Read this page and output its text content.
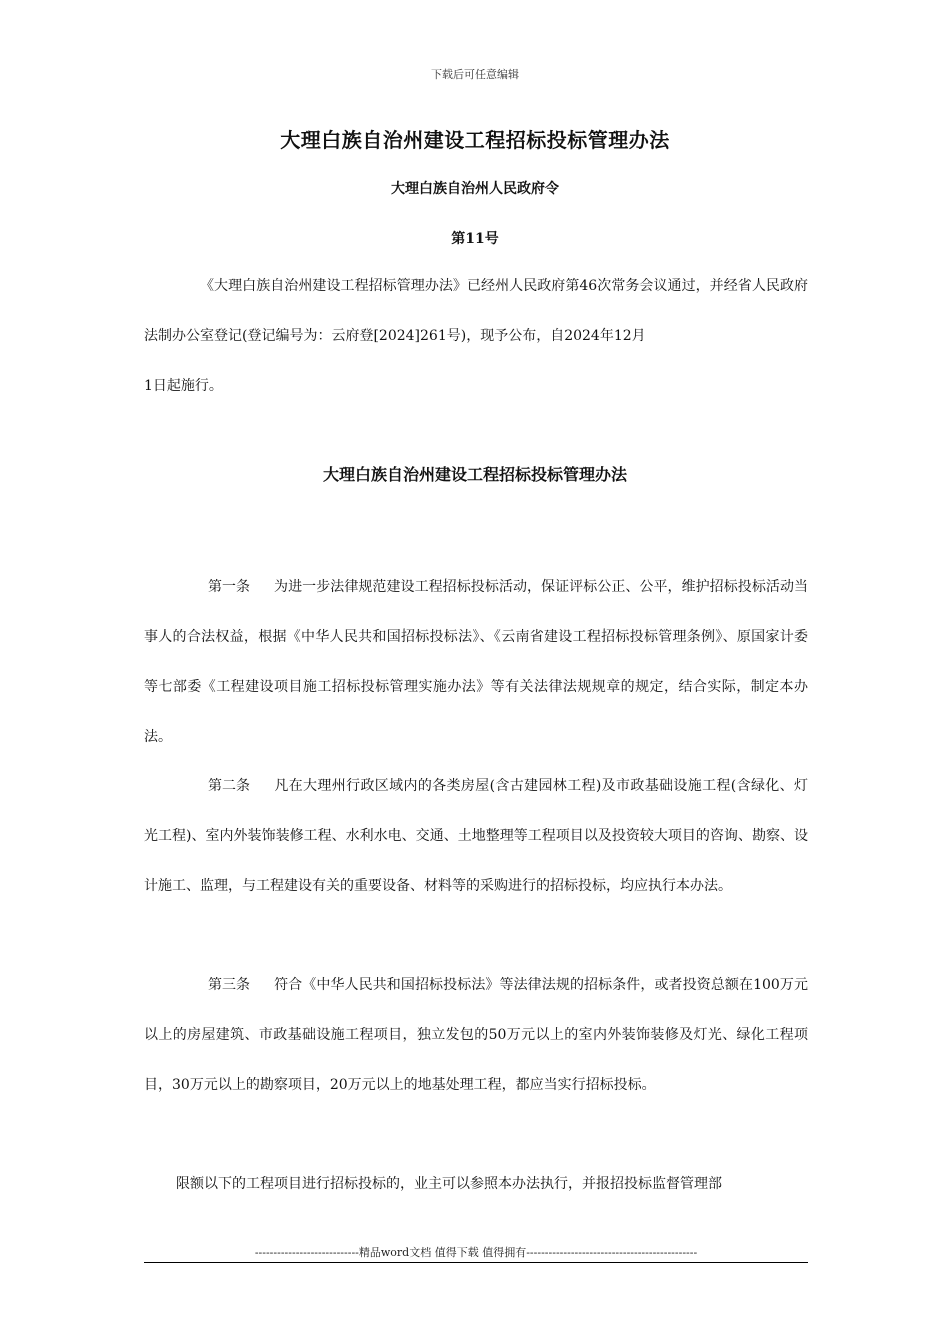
下载后可任意编辑
大理白族自治州建设工程招标投标管理办法
大理白族自治州人民政府令
第11号

《大理白族自治州建设工程招标管理办法》已经州人民政府第46次常务会议通过，并经省人民政府法制办公室登记(登记编号为：云府登[2024]261号)，现予公布，自2024年12月
1日起施行。

大理白族自治州建设工程招标投标管理办法

第一条 为进一步法律规范建设工程招标投标活动，保证评标公正、公平，维护招标投标活动当事人的合法权益，根据《中华人民共和国招标投标法》、《云南省建设工程招标投标管理条例》、原国家计委等七部委《工程建设项目施工招标投标管理实施办法》等有关法律法规规章的规定，结合实际，制定本办法。

第二条 凡在大理州行政区域内的各类房屋(含古建园林工程)及市政基础设施工程(含绿化、灯光工程)、室内外装饰装修工程、水利水电、交通、土地整理等工程项目以及投资较大项目的咨询、勘察、设计施工、监理，与工程建设有关的重要设备、材料等的采购进行的招标投标，均应执行本办法。

第三条 符合《中华人民共和国招标投标法》等法律法规的招标条件，或者投资总额在100万元以上的房屋建筑、市政基础设施工程项目，独立发包的50万元以上的室内外装饰装修及灯光、绿化工程项目，30万元以上的勘察项目，20万元以上的地基处理工程，都应当实行招标投标。

限额以下的工程项目进行招标投标的，业主可以参照本办法执行，并报招投标监督管理部

----------------------------精品word文档 值得下载 值得拥有----------------------------------------------
